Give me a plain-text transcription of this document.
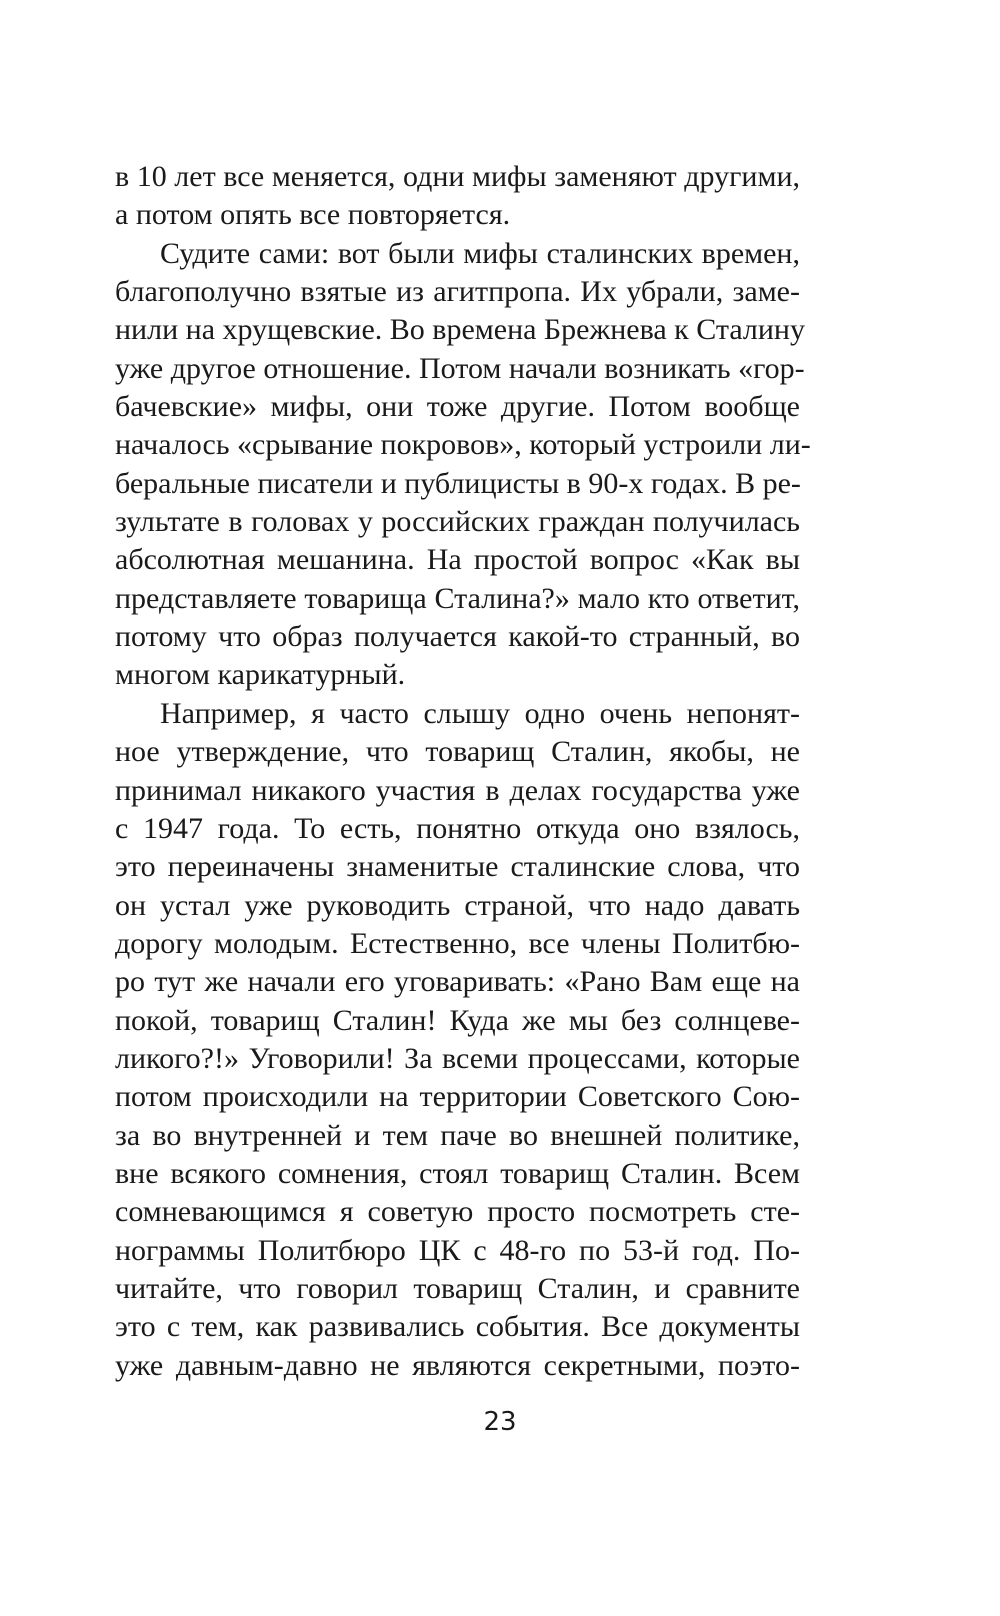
в 10 лет все меняется, одни мифы заменяют другими,
а потом опять все повторяется.
Судите сами: вот были мифы сталинских времен,
благополучно взятые из агитпропа. Их убрали, заме-
нили на хрущевские. Во времена Брежнева к Сталину
уже другое отношение. Потом начали возникать «гор-
бачевские» мифы, они тоже другие. Потом вообще
началось «срывание покровов», который устроили ли-
беральные писатели и публицисты в 90-х годах. В ре-
зультате в головах у российских граждан получилась
абсолютная мешанина. На простой вопрос «Как вы
представляете товарища Сталина?» мало кто ответит,
потому что образ получается какой-то странный, во
многом карикатурный.
Например, я часто слышу одно очень непонят-
ное утверждение, что товарищ Сталин, якобы, не
принимал никакого участия в делах государства уже
с 1947 года. То есть, понятно откуда оно взялось,
это переиначены знаменитые сталинские слова, что
он устал уже руководить страной, что надо давать
дорогу молодым. Естественно, все члены Политбю-
ро тут же начали его уговаривать: «Рано Вам еще на
покой, товарищ Сталин! Куда же мы без солнцеве-
ликого?!» Уговорили! За всеми процессами, которые
потом происходили на территории Советского Сою-
за во внутренней и тем паче во внешней политике,
вне всякого сомнения, стоял товарищ Сталин. Всем
сомневающимся я советую просто посмотреть сте-
нограммы Политбюро ЦК с 48-го по 53-й год. По-
читайте, что говорил товарищ Сталин, и сравните
это с тем, как развивались события. Все документы
уже давным-давно не являются секретными, поэто-
23
